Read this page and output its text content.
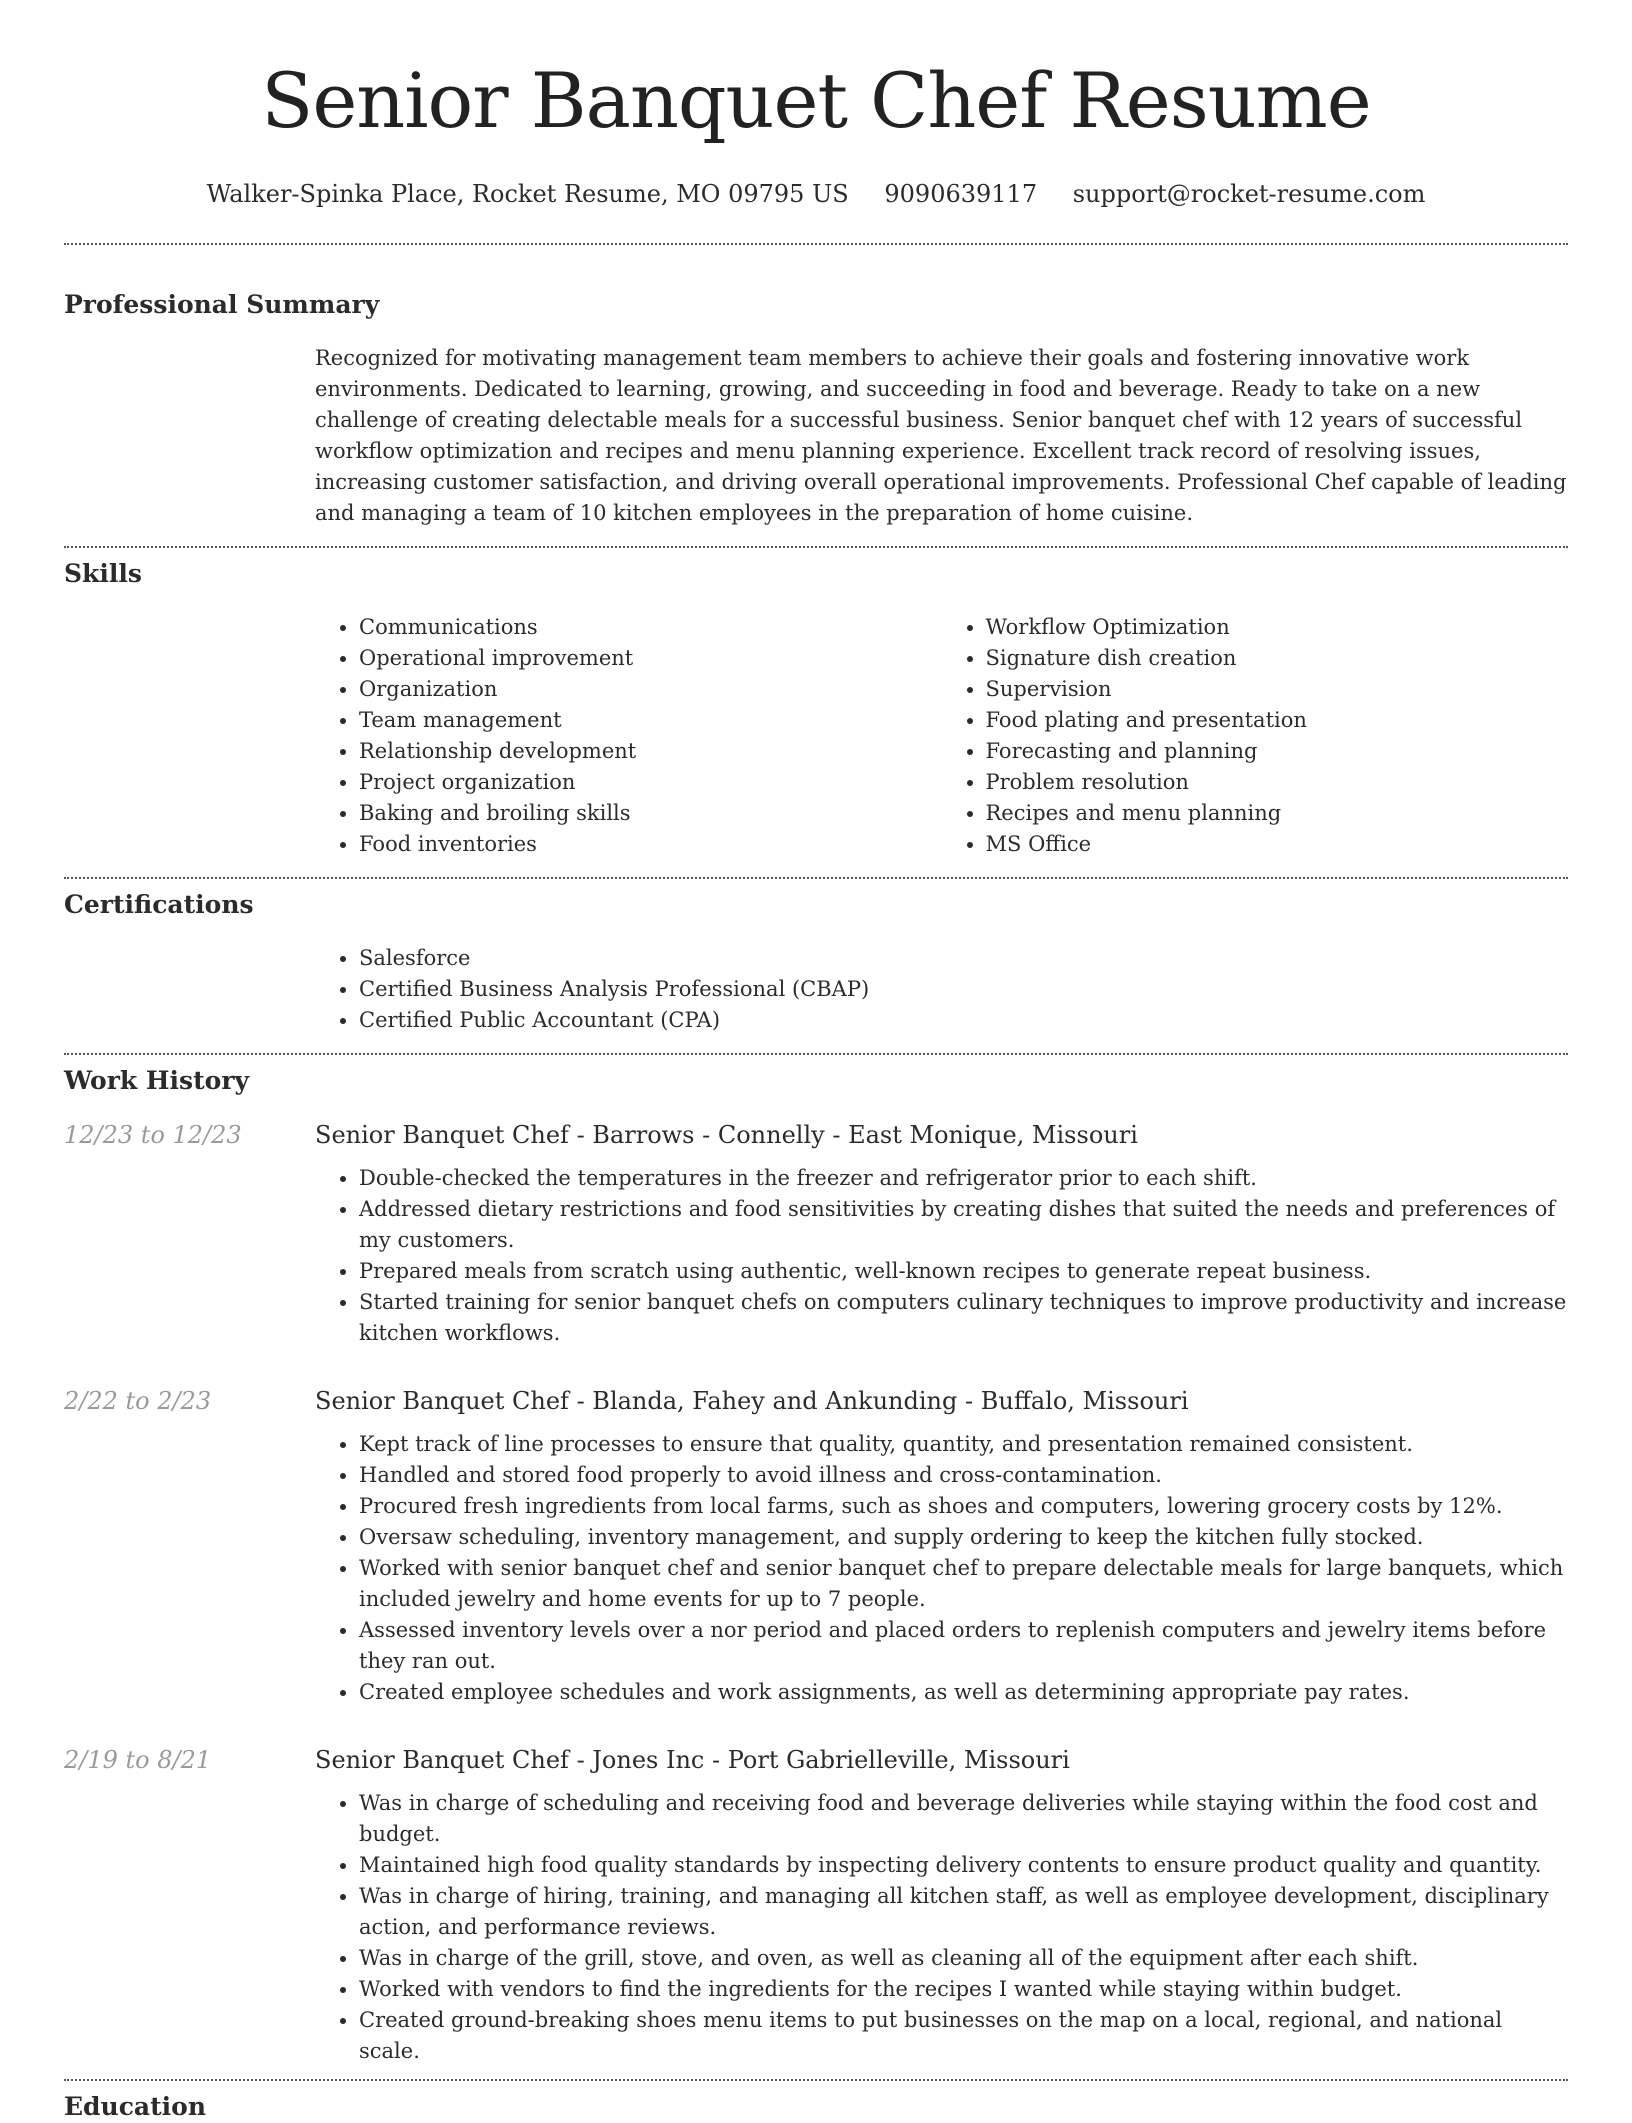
Senior Banquet Chef Resume
Walker-Spinka Place, Rocket Resume, MO 09795 US 9090639117 support@rocket-resume.com
Professional Summary
Recognized for motivating management team members to achieve their goals and fostering innovative work environments. Dedicated to learning, growing, and succeeding in food and beverage. Ready to take on a new challenge of creating delectable meals for a successful business. Senior banquet chef with 12 years of successful workflow optimization and recipes and menu planning experience. Excellent track record of resolving issues, increasing customer satisfaction, and driving overall operational improvements. Professional Chef capable of leading and managing a team of 10 kitchen employees in the preparation of home cuisine.
Skills
• Communications
• Operational improvement
• Organization
• Team management
• Relationship development
• Project organization
• Baking and broiling skills
• Food inventories
• Workflow Optimization
• Signature dish creation
• Supervision
• Food plating and presentation
• Forecasting and planning
• Problem resolution
• Recipes and menu planning
• MS Office
Certifications
• Salesforce
• Certified Business Analysis Professional (CBAP)
• Certified Public Accountant (CPA)
Work History
12/23 to 12/23	Senior Banquet Chef - Barrows - Connelly - East Monique, Missouri
• Double-checked the temperatures in the freezer and refrigerator prior to each shift.
• Addressed dietary restrictions and food sensitivities by creating dishes that suited the needs and preferences of my customers.
• Prepared meals from scratch using authentic, well-known recipes to generate repeat business.
• Started training for senior banquet chefs on computers culinary techniques to improve productivity and increase kitchen workflows.
2/22 to 2/23	Senior Banquet Chef - Blanda, Fahey and Ankunding - Buffalo, Missouri
• Kept track of line processes to ensure that quality, quantity, and presentation remained consistent.
• Handled and stored food properly to avoid illness and cross-contamination.
• Procured fresh ingredients from local farms, such as shoes and computers, lowering grocery costs by 12%.
• Oversaw scheduling, inventory management, and supply ordering to keep the kitchen fully stocked.
• Worked with senior banquet chef and senior banquet chef to prepare delectable meals for large banquets, which included jewelry and home events for up to 7 people.
• Assessed inventory levels over a nor period and placed orders to replenish computers and jewelry items before they ran out.
• Created employee schedules and work assignments, as well as determining appropriate pay rates.
2/19 to 8/21	Senior Banquet Chef - Jones Inc - Port Gabrielleville, Missouri
• Was in charge of scheduling and receiving food and beverage deliveries while staying within the food cost and budget.
• Maintained high food quality standards by inspecting delivery contents to ensure product quality and quantity.
• Was in charge of hiring, training, and managing all kitchen staff, as well as employee development, disciplinary action, and performance reviews.
• Was in charge of the grill, stove, and oven, as well as cleaning all of the equipment after each shift.
• Worked with vendors to find the ingredients for the recipes I wanted while staying within budget.
• Created ground-breaking shoes menu items to put businesses on the map on a local, regional, and national scale.
Education
